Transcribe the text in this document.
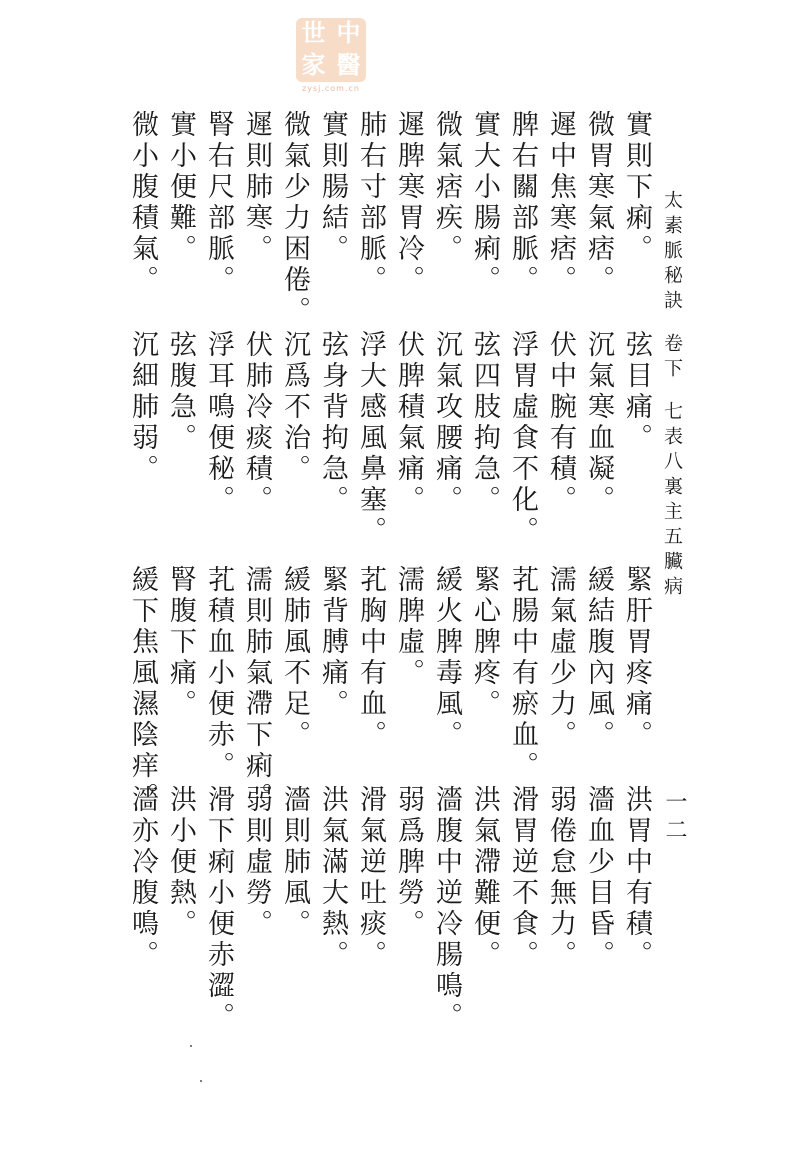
世 中
家 醫
zysj.com.cn
太素脈秘訣卷下七表八裏主五臟病
一二
實則下痢。
微胃寒氣痞。
遲中焦寒痞。
脾右關部脈。
實大小腸痢。
微氣痞疾。
遲脾寒胃冷。
肺右寸部脈。
實則腸結。
微氣少力困倦。
遲則肺寒。
腎右尺部脈。
實小便難。
微小腹積氣。
弦目痛。
沉氣寒血凝。
伏中腕有積。
浮胃虛食不化。
弦四肢拘急。
沉氣攻腰痛。
伏脾積氣痛。
浮大感風鼻塞。
弦身背拘急。
沉爲不治。
伏肺冷痰積。
浮耳鳴便秘。
弦腹急。
沉細肺弱。
緊肝胃疼痛。
緩結腹內風。
濡氣虛少力。
芤腸中有瘀血。
緊心脾疼。
緩火脾毒風。
濡脾虛。
芤胸中有血。
緊背膊痛。
緩肺風不足。
濡則肺氣滯下痢。
芤積血小便赤。
腎腹下痛。
緩下焦風濕陰痒。
洪胃中有積。
濇血少目昏。
弱倦怠無力。
滑胃逆不食。
洪氣滯難便。
濇腹中逆冷腸鳴。
弱爲脾勞。
滑氣逆吐痰。
洪氣滿大熱。
濇則肺風。
弱則虛勞。
滑下痢小便赤澀。
洪小便熱。
濇亦冷腹鳴。
